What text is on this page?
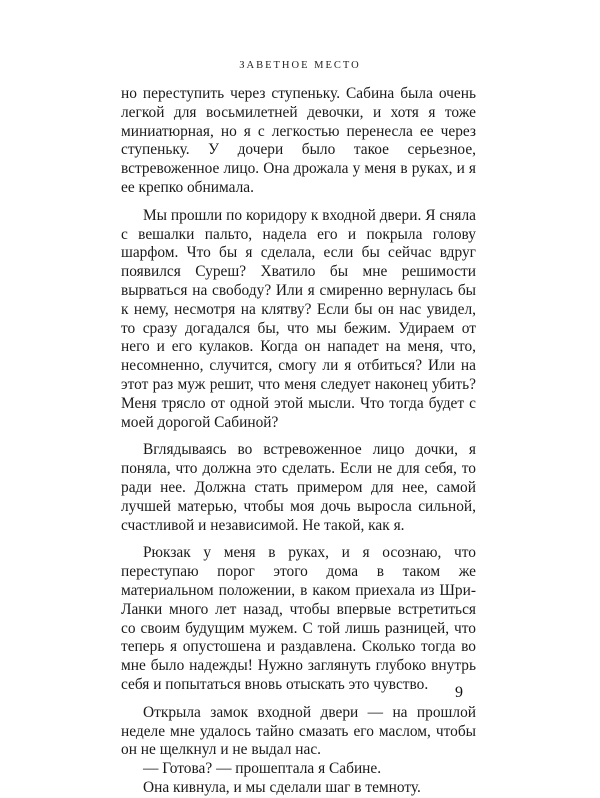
ЗАВЕТНОЕ МЕСТО

но переступить через ступеньку. Сабина была очень легкой для восьмилетней девочки, и хотя я тоже миниатюрная, но я с легкостью перенесла ее через ступеньку. У дочери было такое серьезное, встревоженное лицо. Она дрожала у меня в руках, и я ее крепко обнимала.

Мы прошли по коридору к входной двери. Я сняла с вешалки пальто, надела его и покрыла голову шарфом. Что бы я сделала, если бы сейчас вдруг появился Суреш? Хватило бы мне решимости вырваться на свободу? Или я смиренно вернулась бы к нему, несмотря на клятву? Если бы он нас увидел, то сразу догадался бы, что мы бежим. Удираем от него и его кулаков. Когда он нападет на меня, что, несомненно, случится, смогу ли я отбиться? Или на этот раз муж решит, что меня следует наконец убить? Меня трясло от одной этой мысли. Что тогда будет с моей дорогой Сабиной?

Вглядываясь во встревоженное лицо дочки, я поняла, что должна это сделать. Если не для себя, то ради нее. Должна стать примером для нее, самой лучшей матерью, чтобы моя дочь выросла сильной, счастливой и независимой. Не такой, как я.

Рюкзак у меня в руках, и я осознаю, что переступаю порог этого дома в таком же материальном положении, в каком приехала из Шри-Ланки много лет назад, чтобы впервые встретиться со своим будущим мужем. С той лишь разницей, что теперь я опустошена и раздавлена. Сколько тогда во мне было надежды! Нужно заглянуть глубоко внутрь себя и попытаться вновь отыскать это чувство.

Открыла замок входной двери — на прошлой неделе мне удалось тайно смазать его маслом, чтобы он не щелкнул и не выдал нас.

— Готова? — прошептала я Сабине.

Она кивнула, и мы сделали шаг в темноту.

9
